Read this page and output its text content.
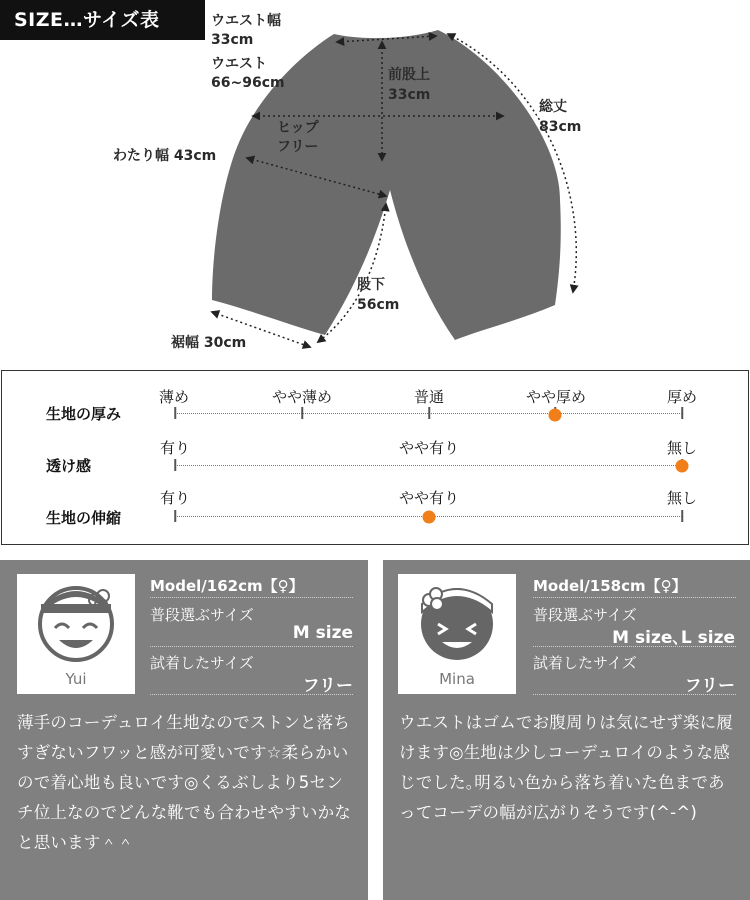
SIZE…サイズ表	ウエスト幅
33cm
ウエスト
66~96cm	前股上
33cm
ヒップ
フリー
わたり幅 43cm
総丈
83cm
股下
56cm
裾幅 30cm
生地の厚み
薄め	やや薄め	普通	やや厚め	厚め
透け感
有り	やや有り	無し
生地の伸縮
有り	やや有り	無し
Yui
Model/162cm【♀】
普段選ぶサイズ
M size
試着したサイズ
フリー
薄手のコーデュロイ生地なのでストンと落ちすぎないフワッと感が可愛いです☆柔らかいので着心地も良いです◎くるぶしより5センチ位上なのでどんな靴でも合わせやすいかなと思います＾＾
Mina
Model/158cm【♀】
普段選ぶサイズ
M size､L size
試着したサイズ
フリー
ウエストはゴムでお腹周りは気にせず楽に履けます◎生地は少しコーデュロイのような感じでした｡明るい色から落ち着いた色まであってコーデの幅が広がりそうです(^-^)
